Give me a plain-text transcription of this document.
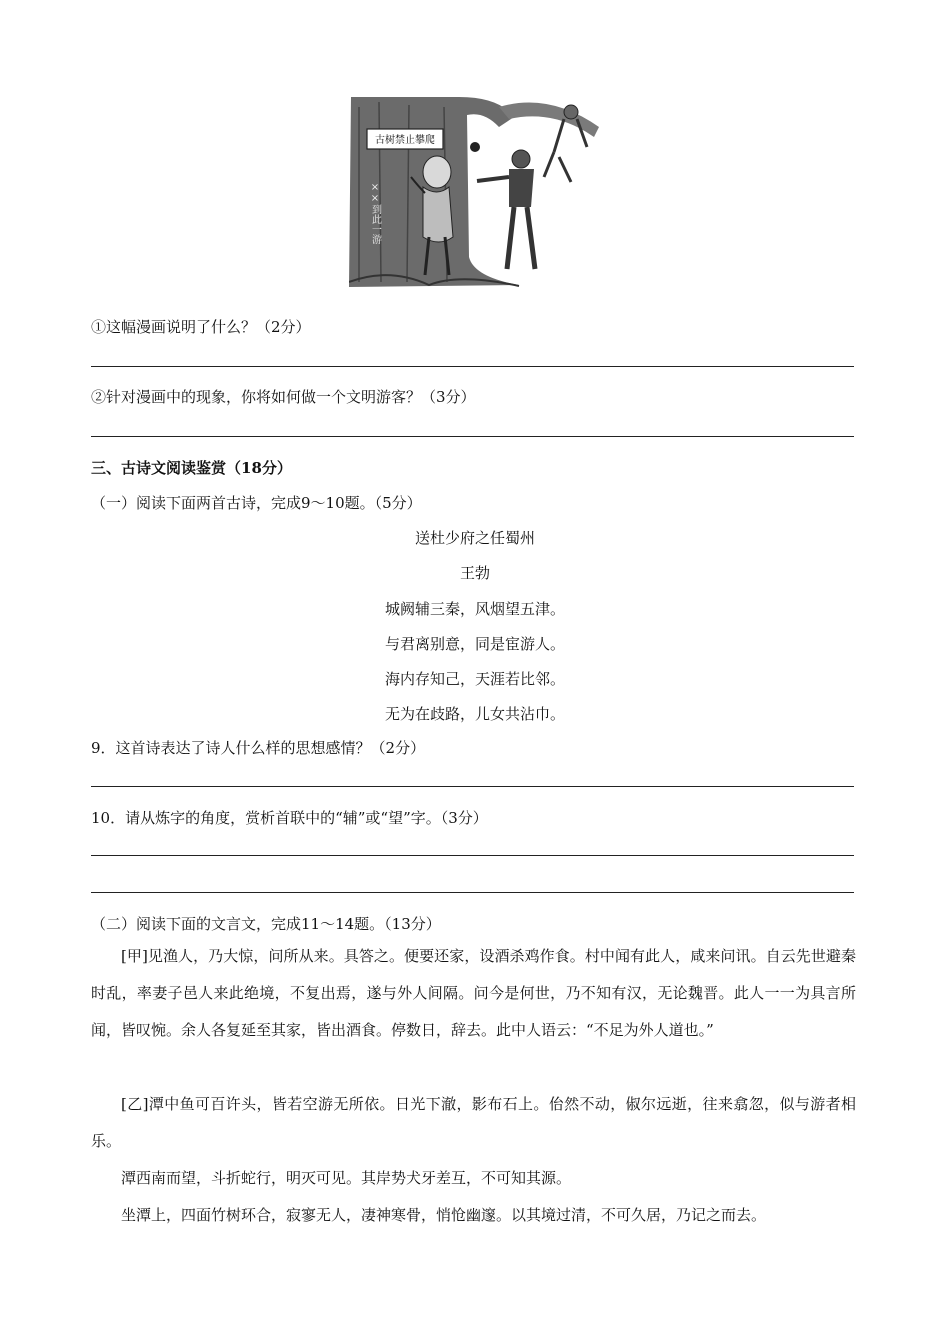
古树禁止攀爬
××到此一游
①这幅漫画说明了什么？（2分）
②针对漫画中的现象，你将如何做一个文明游客？（3分）
三、古诗文阅读鉴赏（18分）
（一）阅读下面两首古诗，完成9～10题。（5分）
送杜少府之任蜀州
王勃
城阙辅三秦，风烟望五津。
与君离别意，同是宦游人。
海内存知己，天涯若比邻。
无为在歧路，儿女共沾巾。
9．这首诗表达了诗人什么样的思想感情？（2分）
10．请从炼字的角度，赏析首联中的“辅”或“望”字。（3分）
（二）阅读下面的文言文，完成11～14题。（13分）
[甲]见渔人，乃大惊，问所从来。具答之。便要还家，设酒杀鸡作食。村中闻有此人，咸来问讯。自云先世避秦时乱，率妻子邑人来此绝境，不复出焉，遂与外人间隔。问今是何世，乃不知有汉，无论魏晋。此人一一为具言所闻，皆叹惋。余人各复延至其家，皆出酒食。停数日，辞去。此中人语云：“不足为外人道也。”
[乙]潭中鱼可百许头，皆若空游无所依。日光下澈，影布石上。佁然不动，俶尔远逝，往来翕忽，似与游者相乐。
潭西南而望，斗折蛇行，明灭可见。其岸势犬牙差互，不可知其源。
坐潭上，四面竹树环合，寂寥无人，凄神寒骨，悄怆幽邃。以其境过清，不可久居，乃记之而去。
